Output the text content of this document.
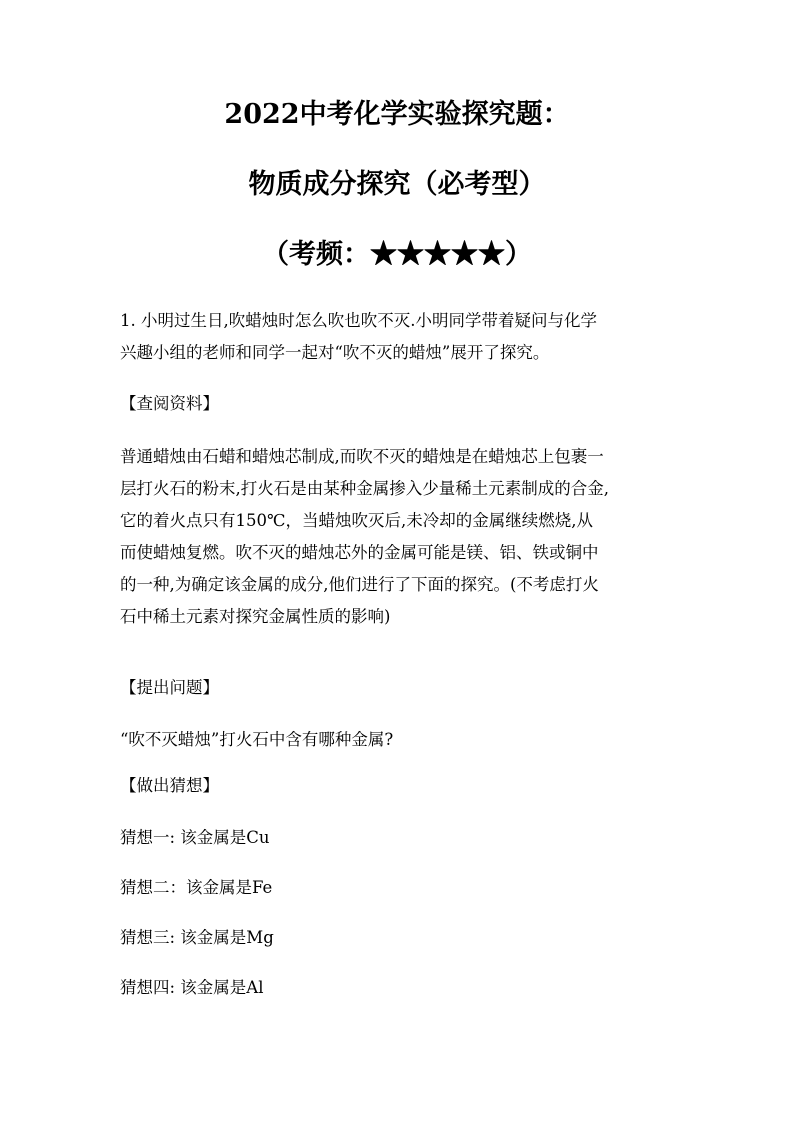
2022中考化学实验探究题：
物质成分探究（必考型）
（考频：★★★★★）
1. 小明过生日,吹蜡烛时怎么吹也吹不灭.小明同学带着疑问与化学
兴趣小组的老师和同学一起对“吹不灭的蜡烛”展开了探究。
【查阅资料】
普通蜡烛由石蜡和蜡烛芯制成,而吹不灭的蜡烛是在蜡烛芯上包裹一
层打火石的粉末,打火石是由某种金属掺入少量稀土元素制成的合金,
它的着火点只有150℃，当蜡烛吹灭后,未冷却的金属继续燃烧,从
而使蜡烛复燃。吹不灭的蜡烛芯外的金属可能是镁、铝、铁或铜中
的一种,为确定该金属的成分,他们进行了下面的探究。(不考虑打火
石中稀土元素对探究金属性质的影响)
【提出问题】
“吹不灭蜡烛”打火石中含有哪种金属?
【做出猜想】
猜想一: 该金属是Cu
猜想二：该金属是Fe
猜想三: 该金属是Mg
猜想四: 该金属是Al
